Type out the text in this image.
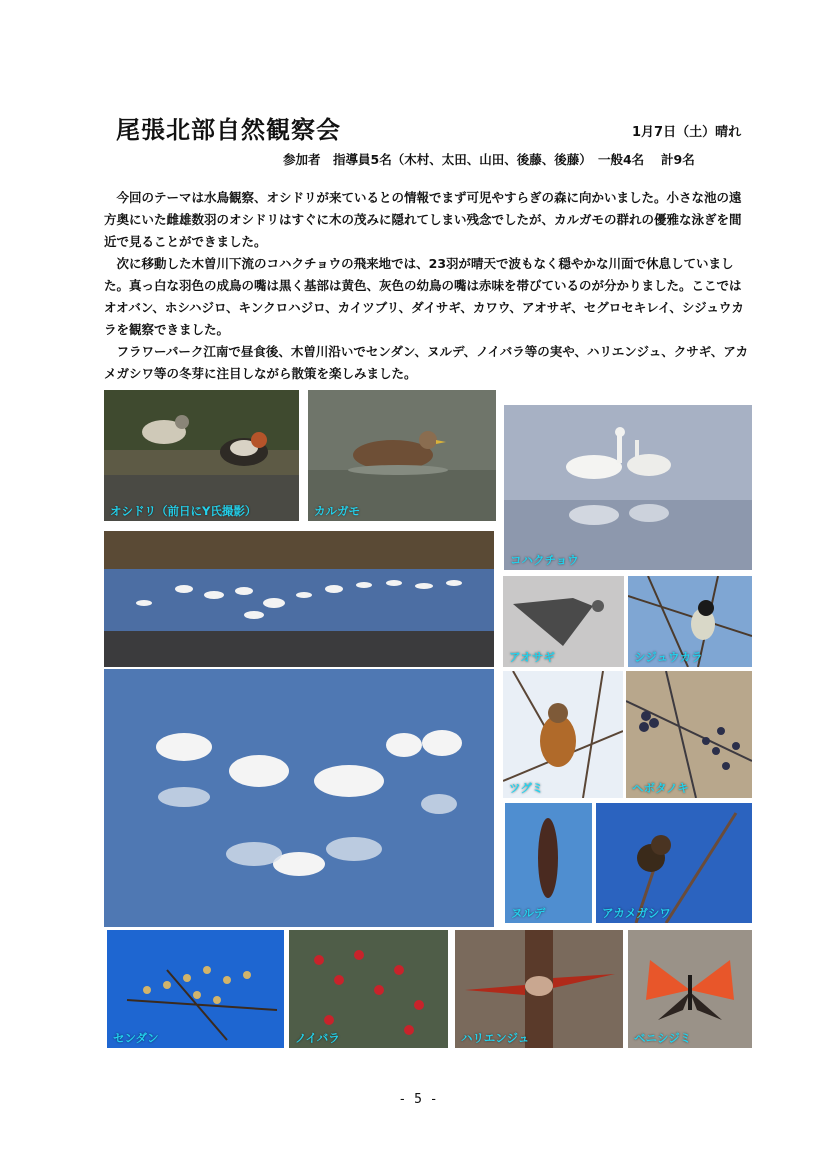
尾張北部自然観察会	1月7日（土）晴れ
参加者　指導員5名（木村、太田、山田、後藤、後藤）　一般4名　 計9名

今回のテーマは水鳥観察、オシドリが来ているとの情報でまず可児やすらぎの森に向かいました。小さな池の遠方奥にいた雌雄数羽のオシドリはすぐに木の茂みに隠れてしまい残念でしたが、カルガモの群れの優雅な泳ぎを間近で見ることができました。

次に移動した木曽川下流のコハクチョウの飛来地では、23羽が晴天で波もなく穏やかな川面で休息していました。真っ白な羽色の成鳥の嘴は黒く基部は黄色、灰色の幼鳥の嘴は赤味を帯びているのが分かりました。ここではオオバン、ホシハジロ、キンクロハジロ、カイツブリ、ダイサギ、カワウ、アオサギ、セグロセキレイ、シジュウカラを観察できました。

フラワーパーク江南で昼食後、木曽川沿いでセンダン、ヌルデ、ノイバラ等の実や、ハリエンジュ、クサギ、アカメガシワ等の冬芽に注目しながら散策を楽しみました。

オシドリ（前日にY氏撮影）	カルガモ
コハクチョウ
アオサギ	シジュウカラ
ツグミ	ヘボタノキ
ヌルデ	アカメガシワ
センダン	ノイバラ	ハリエンジュ	ベニシジミ
- 5 -
